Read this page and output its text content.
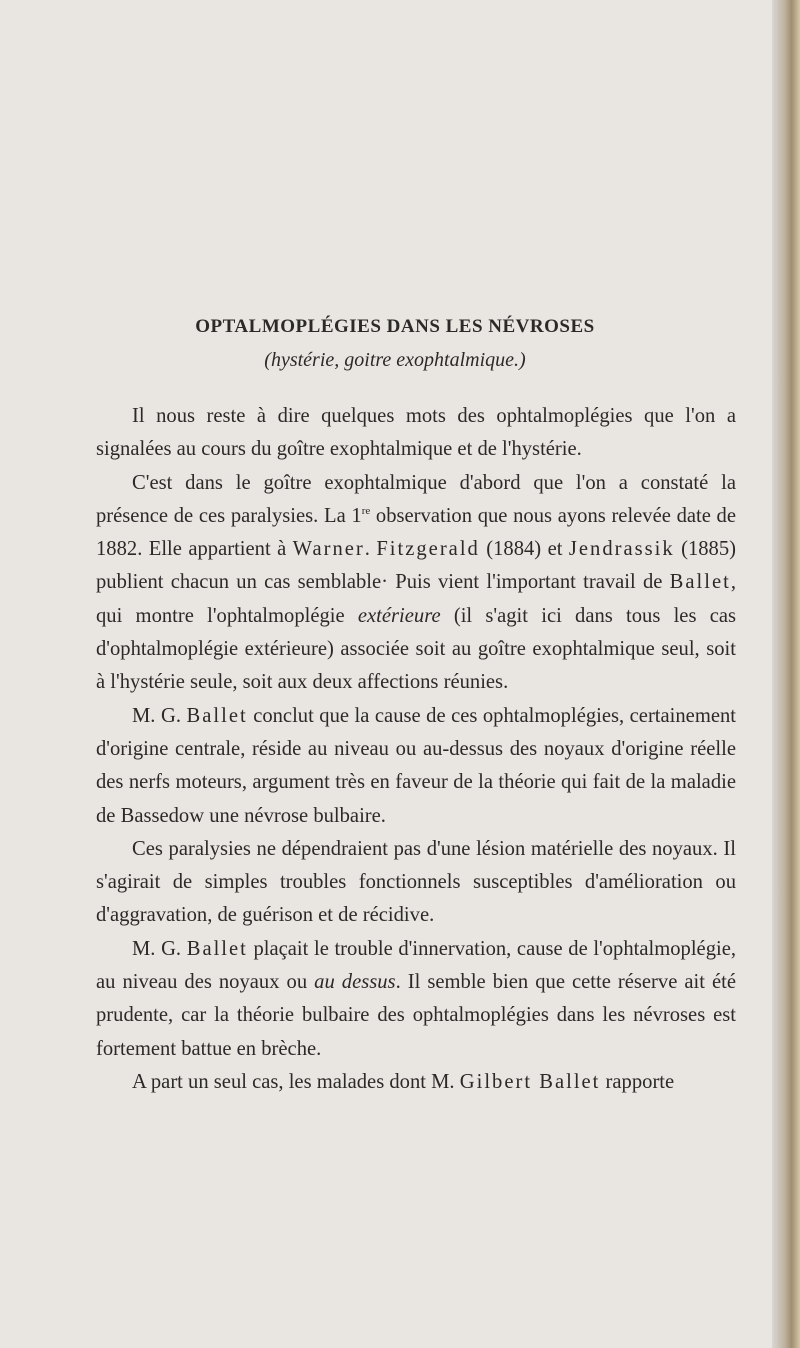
OPTALMOPLÉGIES DANS LES NÉVROSES
(hystérie, goitre exophtalmique.)

Il nous reste à dire quelques mots des ophtalmoplégies que l'on a signalées au cours du goître exophtalmique et de l'hystérie.

C'est dans le goître exophtalmique d'abord que l'on a constaté la présence de ces paralysies. La 1re observation que nous ayons relevée date de 1882. Elle appartient à Warner. Fitzgerald (1884) et Jendrassik (1885) publient chacun un cas semblable· Puis vient l'important travail de Ballet, qui montre l'ophtalmoplégie extérieure (il s'agit ici dans tous les cas d'ophtalmoplégie extérieure) associée soit au goître exophtalmique seul, soit à l'hystérie seule, soit aux deux affections réunies.

M. G. Ballet conclut que la cause de ces ophtalmoplégies, certainement d'origine centrale, réside au niveau ou au-dessus des noyaux d'origine réelle des nerfs moteurs, argument très en faveur de la théorie qui fait de la maladie de Bassedow une névrose bulbaire.

Ces paralysies ne dépendraient pas d'une lésion matérielle des noyaux. Il s'agirait de simples troubles fonctionnels susceptibles d'amélioration ou d'aggravation, de guérison et de récidive.

M. G. Ballet plaçait le trouble d'innervation, cause de l'ophtalmoplégie, au niveau des noyaux ou au dessus. Il semble bien que cette réserve ait été prudente, car la théorie bulbaire des ophtalmoplégies dans les névroses est fortement battue en brèche.

A part un seul cas, les malades dont M. Gilbert Ballet rapporte
